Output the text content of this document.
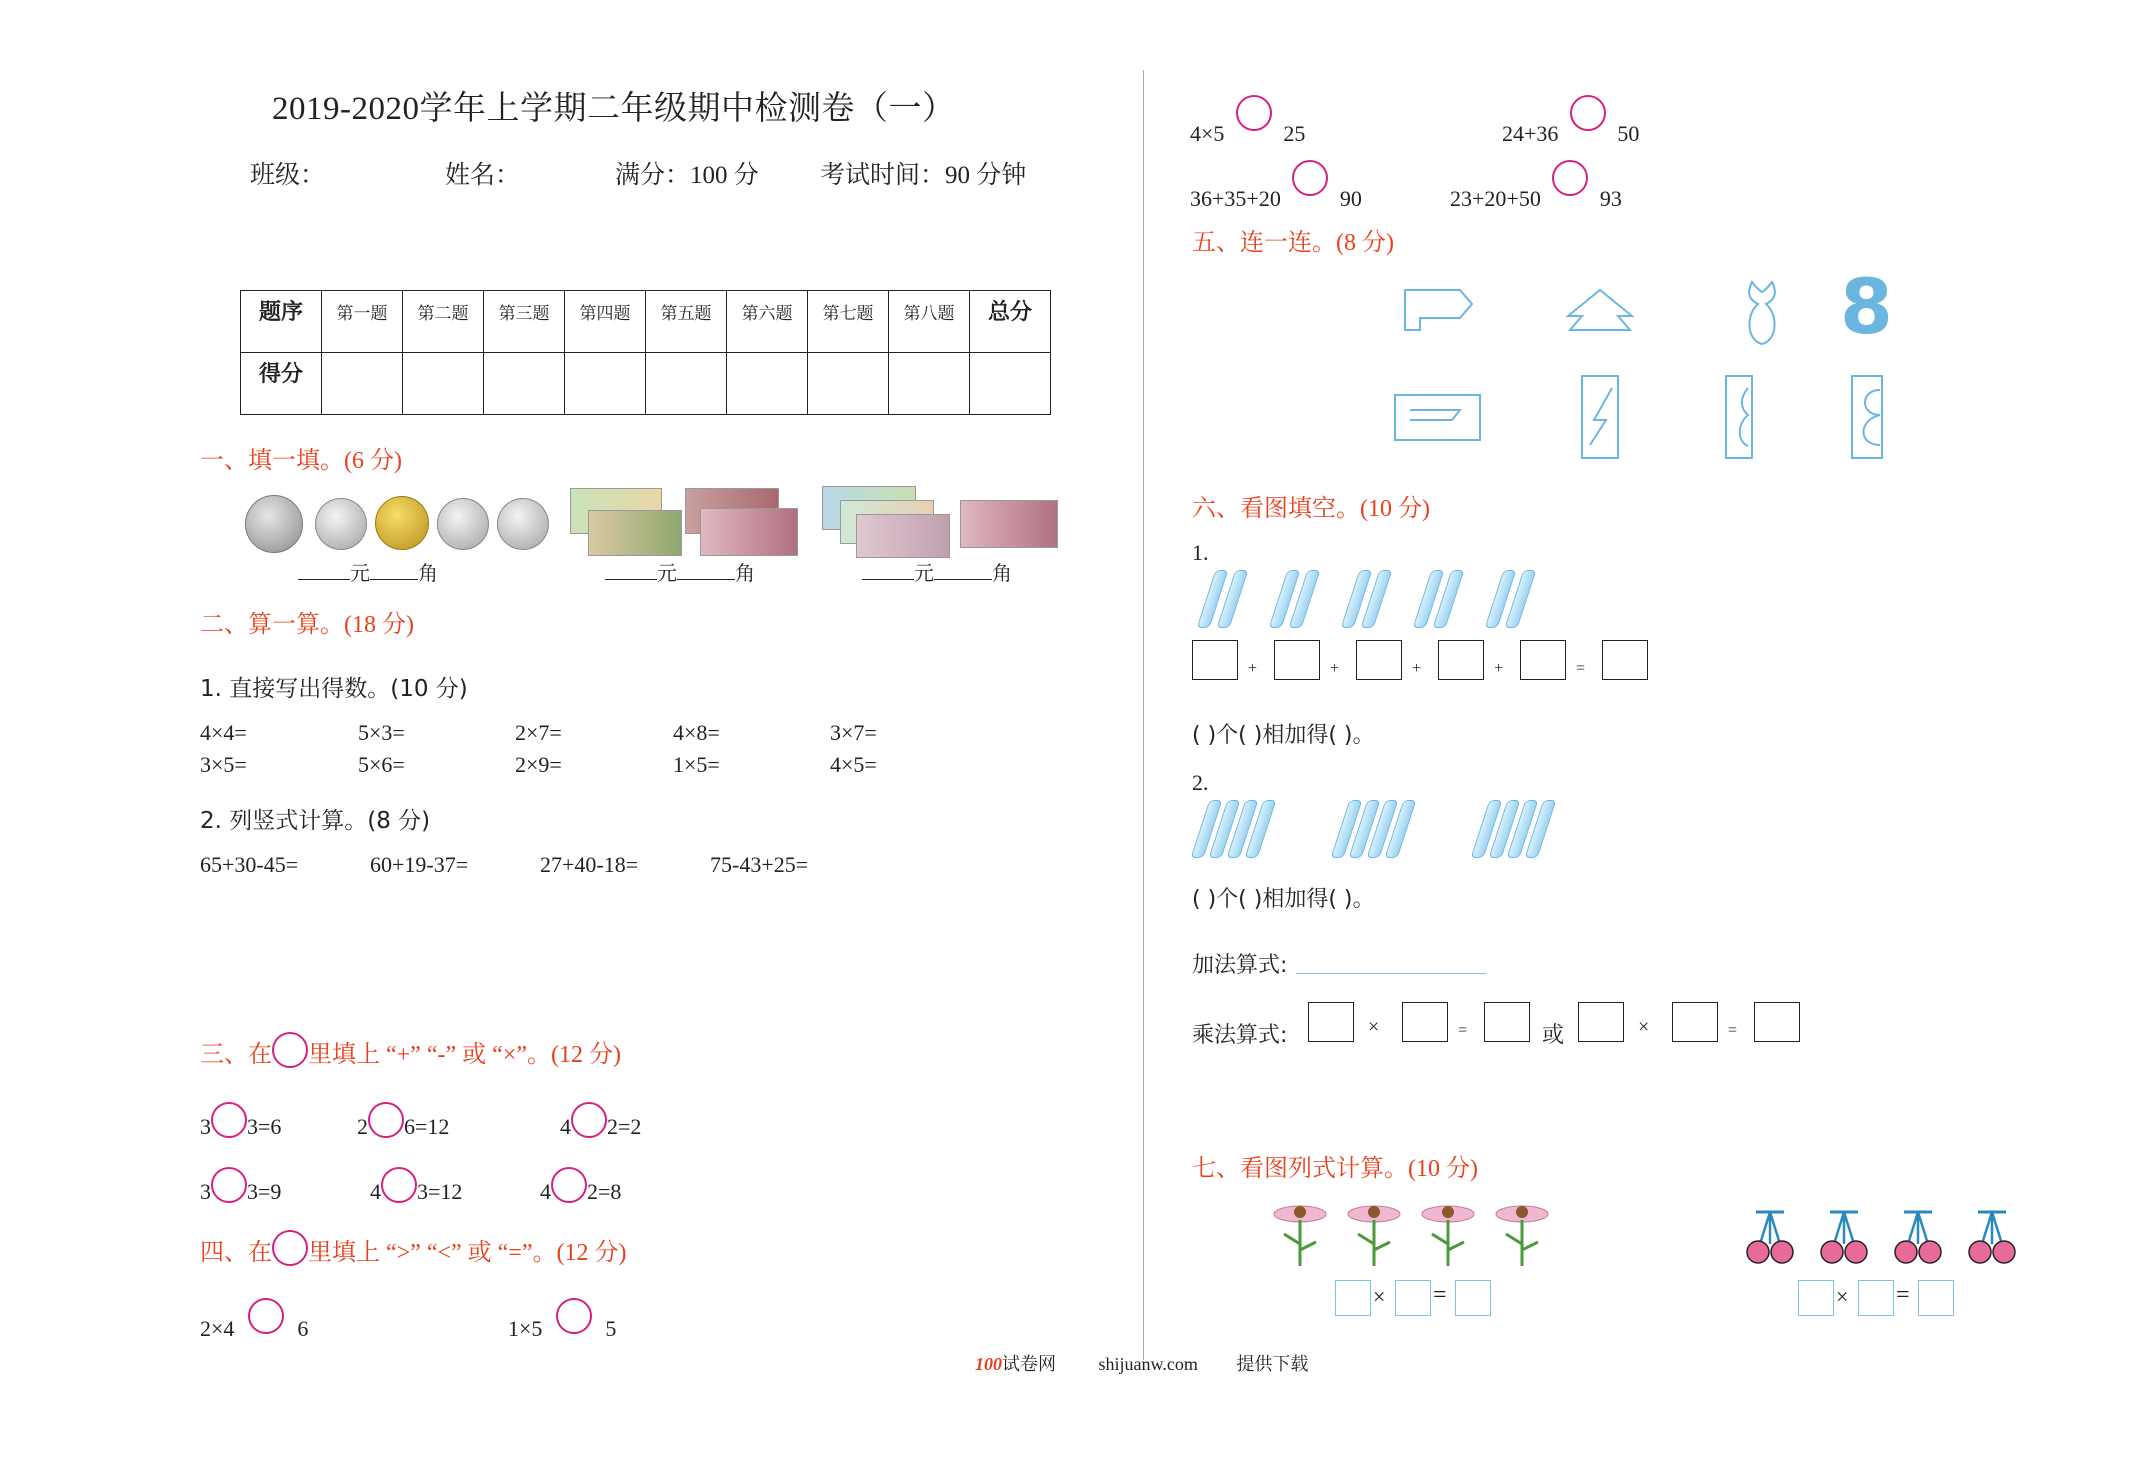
2019-2020学年上学期二年级期中检测卷（一）
班级：	姓名：	满分：100 分 考试时间：90 分钟
题序	第一题	第二题	第三题	第四题	第五题	第六题	第七题	第八题	总分
得分									
一、填一填。(6 分)
元 角	元	角	元	角
二、算一算。(18 分)
1. 直接写出得数。(10 分)
4×4=	5×3=	2×7=	4×8=	3×7=
3×5=	5×6=	2×9=	1×5=	4×5=
2. 列竖式计算。(8 分)
65+30-45=	60+19-37=	27+40-18=	75-43+25=
三、在 里填上 “+” “-” 或 “×”。(12 分)
3 3=6	2 6=12	4 2=2
3 3=9	4 3=12	4 2=8
四、在 里填上 “>” “<” 或 “=”。(12 分)
2×4	6	1×5	5
4×5	25	24+36	50
36+35+20	90	23+20+50	93
五、连一连。(8 分)
8
六、看图填空。(10 分)
1.
+	+	+	+	=
( )个( )相加得( )。
2.
( )个( )相加得( )。
加法算式:
乘法算式:	×	=	或	×	=
七、看图列式计算。(10 分)
× =	× =
100试卷网 shijuanw.com 提供下载
